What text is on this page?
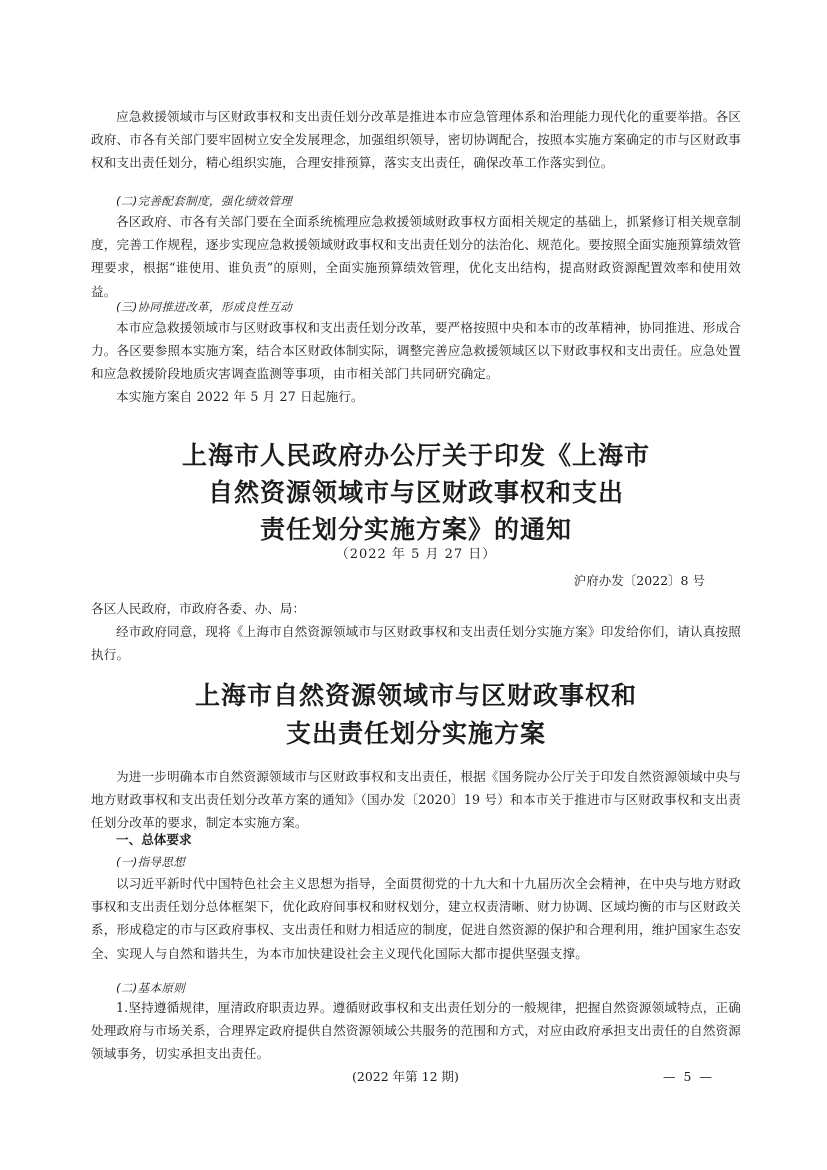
应急救援领域市与区财政事权和支出责任划分改革是推进本市应急管理体系和治理能力现代化的重要举措。各区政府、市各有关部门要牢固树立安全发展理念，加强组织领导，密切协调配合，按照本实施方案确定的市与区财政事权和支出责任划分，精心组织实施，合理安排预算，落实支出责任，确保改革工作落实到位。

(二)完善配套制度，强化绩效管理

各区政府、市各有关部门要在全面系统梳理应急救援领域财政事权方面相关规定的基础上，抓紧修订相关规章制度，完善工作规程，逐步实现应急救援领域财政事权和支出责任划分的法治化、规范化。要按照全面实施预算绩效管理要求，根据“谁使用、谁负责”的原则，全面实施预算绩效管理，优化支出结构，提高财政资源配置效率和使用效益。

(三)协同推进改革，形成良性互动

本市应急救援领域市与区财政事权和支出责任划分改革，要严格按照中央和本市的改革精神，协同推进、形成合力。各区要参照本实施方案，结合本区财政体制实际，调整完善应急救援领域区以下财政事权和支出责任。应急处置和应急救援阶段地质灾害调查监测等事项，由市相关部门共同研究确定。

本实施方案自 2022 年 5 月 27 日起施行。

上海市人民政府办公厅关于印发《上海市
自然资源领域市与区财政事权和支出
责任划分实施方案》的通知
（2022 年 5 月 27 日）
沪府办发〔2022〕8 号

各区人民政府，市政府各委、办、局：

经市政府同意，现将《上海市自然资源领域市与区财政事权和支出责任划分实施方案》印发给你们，请认真按照执行。

上海市自然资源领域市与区财政事权和
支出责任划分实施方案

为进一步明确本市自然资源领域市与区财政事权和支出责任，根据《国务院办公厅关于印发自然资源领域中央与地方财政事权和支出责任划分改革方案的通知》（国办发〔2020〕19 号）和本市关于推进市与区财政事权和支出责任划分改革的要求，制定本实施方案。

一、总体要求
(一)指导思想

以习近平新时代中国特色社会主义思想为指导，全面贯彻党的十九大和十九届历次全会精神，在中央与地方财政事权和支出责任划分总体框架下，优化政府间事权和财权划分，建立权责清晰、财力协调、区域均衡的市与区财政关系，形成稳定的市与区政府事权、支出责任和财力相适应的制度，促进自然资源的保护和合理利用，维护国家生态安全、实现人与自然和谐共生，为本市加快建设社会主义现代化国际大都市提供坚强支撑。

(二)基本原则

1.坚持遵循规律，厘清政府职责边界。遵循财政事权和支出责任划分的一般规律，把握自然资源领域特点，正确处理政府与市场关系，合理界定政府提供自然资源领域公共服务的范围和方式，对应由政府承担支出责任的自然资源领域事务，切实承担支出责任。

(2022 年第 12 期)	— 5 —
